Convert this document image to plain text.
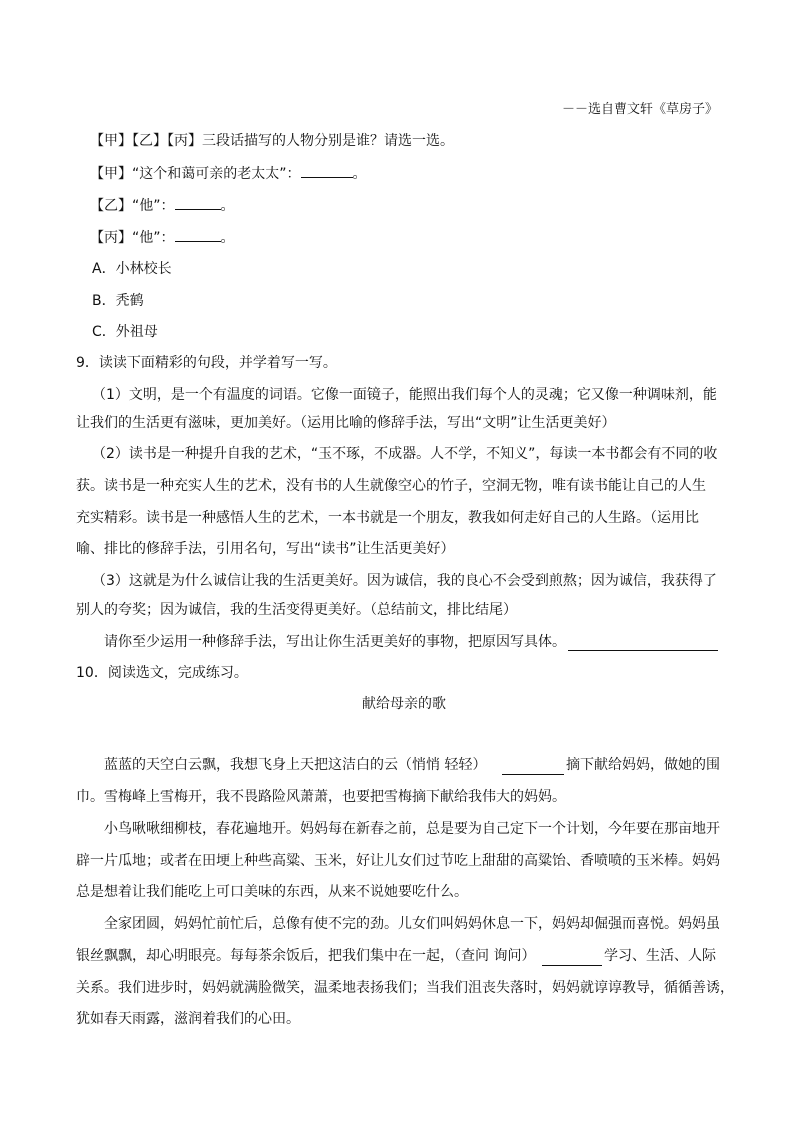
－－选自曹文轩《草房子》
【甲】【乙】【丙】三段话描写的人物分别是谁？请选一选。
【甲】“这个和蔼可亲的老太太”：	。
【乙】“他”：	。
【丙】“他”：	。
A．小林校长
B．秃鹤
C．外祖母
9．读读下面精彩的句段，并学着写一写。
（1）文明，是一个有温度的词语。它像一面镜子，能照出我们每个人的灵魂；它又像一种调味剂，能
让我们的生活更有滋味，更加美好。（运用比喻的修辞手法，写出“文明”让生活更美好）
（2）读书是一种提升自我的艺术，“玉不琢，不成器。人不学，不知义”，每读一本书都会有不同的收
获。读书是一种充实人生的艺术，没有书的人生就像空心的竹子，空洞无物，唯有读书能让自己的人生
充实精彩。读书是一种感悟人生的艺术，一本书就是一个朋友，教我如何走好自己的人生路。（运用比
喻、排比的修辞手法，引用名句，写出“读书”让生活更美好）
（3）这就是为什么诚信让我的生活更美好。因为诚信，我的良心不会受到煎熬；因为诚信，我获得了
别人的夸奖；因为诚信，我的生活变得更美好。（总结前文，排比结尾）
请你至少运用一种修辞手法，写出让你生活更美好的事物，把原因写具体。
10．阅读选文，完成练习。
献给母亲的歌
蓝蓝的天空白云飘，我想飞身上天把这洁白的云（悄悄 轻轻）	摘下献给妈妈，做她的围
巾。雪梅峰上雪梅开，我不畏路险风萧萧，也要把雪梅摘下献给我伟大的妈妈。
小鸟啾啾细柳枝，春花遍地开。妈妈每在新春之前，总是要为自己定下一个计划，今年要在那亩地开
辟一片瓜地；或者在田埂上种些高粱、玉米，好让儿女们过节吃上甜甜的高粱饴、香喷喷的玉米棒。妈妈
总是想着让我们能吃上可口美味的东西，从来不说她要吃什么。
全家团圆，妈妈忙前忙后，总像有使不完的劲。儿女们叫妈妈休息一下，妈妈却倔强而喜悦。妈妈虽
银丝飘飘，却心明眼亮。每每茶余饭后，把我们集中在一起，（查问 询问）	学习、生活、人际
关系。我们进步时，妈妈就满脸微笑，温柔地表扬我们；当我们沮丧失落时，妈妈就谆谆教导，循循善诱，
犹如春天雨露，滋润着我们的心田。
